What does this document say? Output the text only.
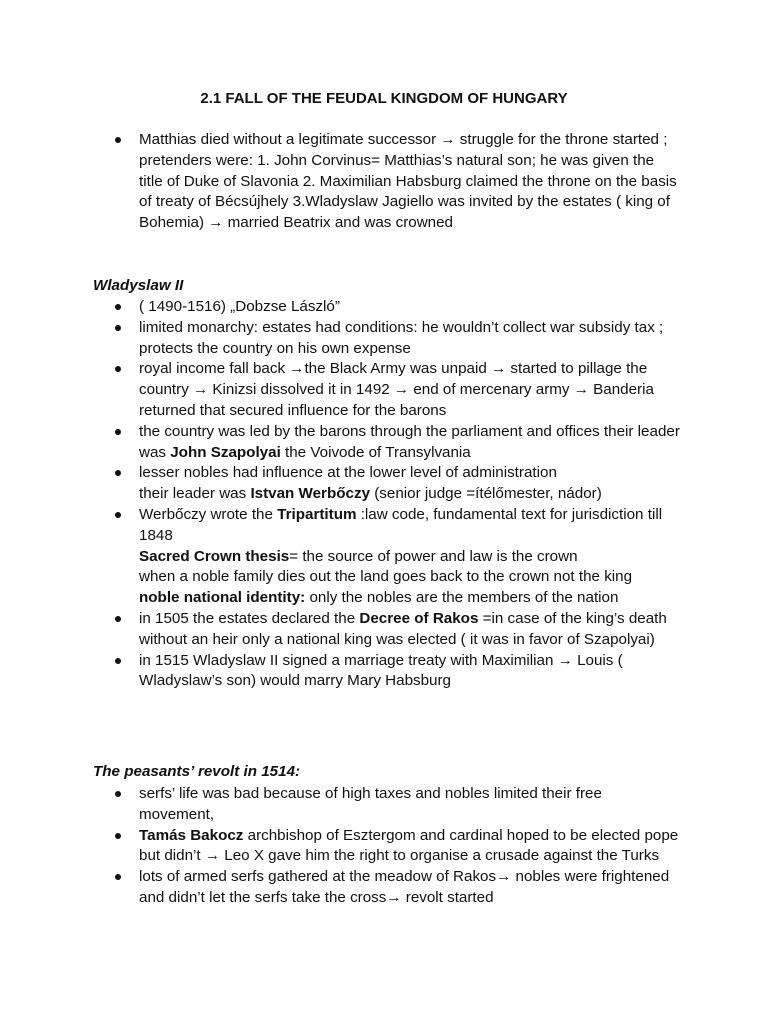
2.1 FALL OF THE FEUDAL KINGDOM OF HUNGARY
Matthias died without a legitimate successor → struggle for the throne started ; pretenders were: 1. John Corvinus= Matthias’s natural son; he was given the title of Duke of Slavonia 2. Maximilian Habsburg claimed the throne on the basis of treaty of Bécsújhely 3.Wladyslaw Jagiello was invited by the estates ( king of Bohemia) → married Beatrix and was crowned
Wladyslaw II
( 1490-1516) „Dobzse László”
limited monarchy: estates had conditions: he wouldn’t collect war subsidy tax ; protects the country on his own expense
royal income fall back →the Black Army was unpaid → started to pillage the country → Kinizsi dissolved it in 1492 → end of mercenary army → Banderia returned that secured influence for the barons
the country was led by the barons through the parliament and offices their leader was John Szapolyai the Voivode of Transylvania
lesser nobles had influence at the lower level of administration
their leader was Istvan Werbőczy (senior judge =ítélőmester, nádor)
Werbőczy wrote the Tripartitum :law code, fundamental text for jurisdiction till 1848
Sacred Crown thesis= the source of power and law is the crown
when a noble family dies out the land goes back to the crown not the king
noble national identity: only the nobles are the members of the nation
in 1505 the estates declared the Decree of Rakos =in case of the king’s death without an heir only a national king was elected ( it was in favor of Szapolyai)
in 1515 Wladyslaw II signed a marriage treaty with Maximilian → Louis ( Wladyslaw’s son) would marry Mary Habsburg
The peasants’ revolt in 1514:
serfs’ life was bad because of high taxes and nobles limited their free movement,
Tamás Bakocz archbishop of Esztergom and cardinal hoped to be elected pope but didn’t → Leo X gave him the right to organise a crusade against the Turks
lots of armed serfs gathered at the meadow of Rakos→ nobles were frightened and didn’t let the serfs take the cross→ revolt started
